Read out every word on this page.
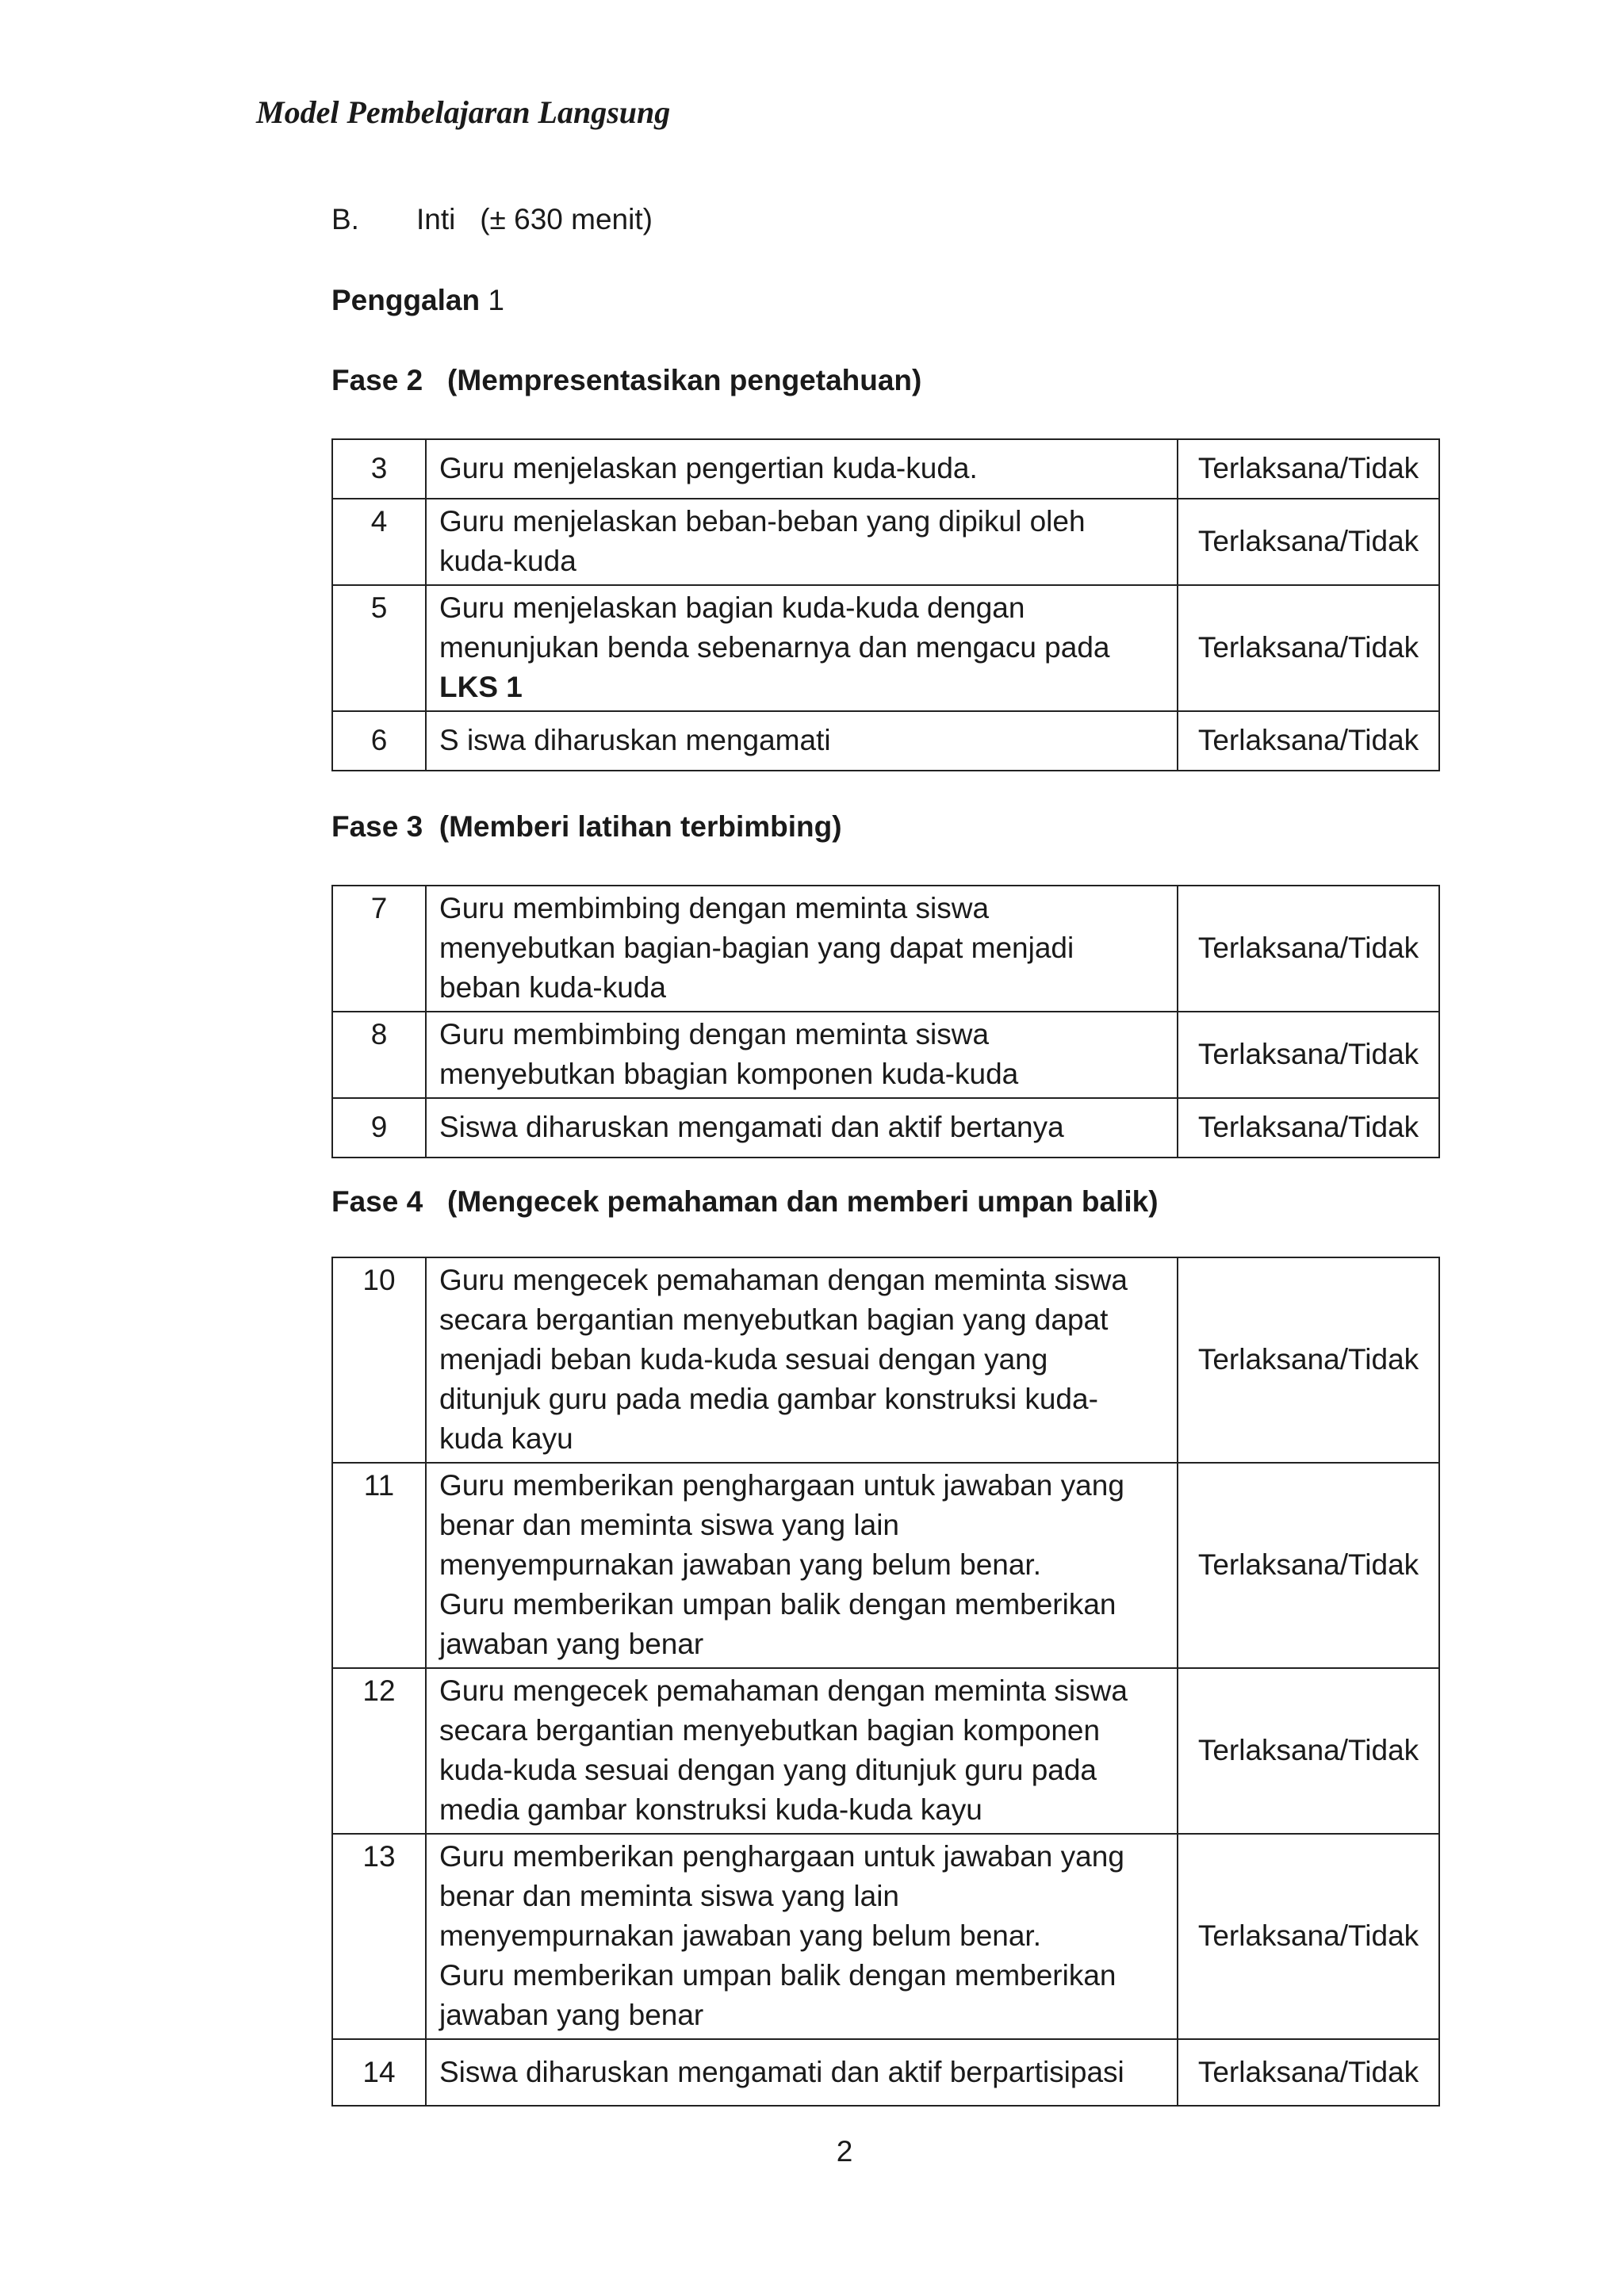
Model Pembelajaran Langsung
B. Inti (± 630 menit)
Penggalan 1
Fase 2 (Mempresentasikan pengetahuan)
3	Guru menjelaskan pengertian kuda-kuda.	Terlaksana/Tidak
4	Guru menjelaskan beban-beban yang dipikul oleh
kuda-kuda	Terlaksana/Tidak
5	Guru menjelaskan bagian kuda-kuda dengan
menunjukan benda sebenarnya dan mengacu pada
LKS 1	Terlaksana/Tidak
6	S iswa diharuskan mengamati	Terlaksana/Tidak
Fase 3 (Memberi latihan terbimbing)
7	Guru membimbing dengan meminta siswa
menyebutkan bagian-bagian yang dapat menjadi
beban kuda-kuda	Terlaksana/Tidak
8	Guru membimbing dengan meminta siswa
menyebutkan bbagian komponen kuda-kuda	Terlaksana/Tidak
9	Siswa diharuskan mengamati dan aktif bertanya	Terlaksana/Tidak
Fase 4 (Mengecek pemahaman dan memberi umpan balik)
10	Guru mengecek pemahaman dengan meminta siswa
secara bergantian menyebutkan bagian yang dapat
menjadi beban kuda-kuda sesuai dengan yang
ditunjuk guru pada media gambar konstruksi kuda-
kuda kayu	Terlaksana/Tidak
11	Guru memberikan penghargaan untuk jawaban yang
benar dan meminta siswa yang lain
menyempurnakan jawaban yang belum benar.
Guru memberikan umpan balik dengan memberikan
jawaban yang benar	Terlaksana/Tidak
12	Guru mengecek pemahaman dengan meminta siswa
secara bergantian menyebutkan bagian komponen
kuda-kuda sesuai dengan yang ditunjuk guru pada
media gambar konstruksi kuda-kuda kayu	Terlaksana/Tidak
13	Guru memberikan penghargaan untuk jawaban yang
benar dan meminta siswa yang lain
menyempurnakan jawaban yang belum benar.
Guru memberikan umpan balik dengan memberikan
jawaban yang benar	Terlaksana/Tidak
14	Siswa diharuskan mengamati dan aktif berpartisipasi	Terlaksana/Tidak
2
